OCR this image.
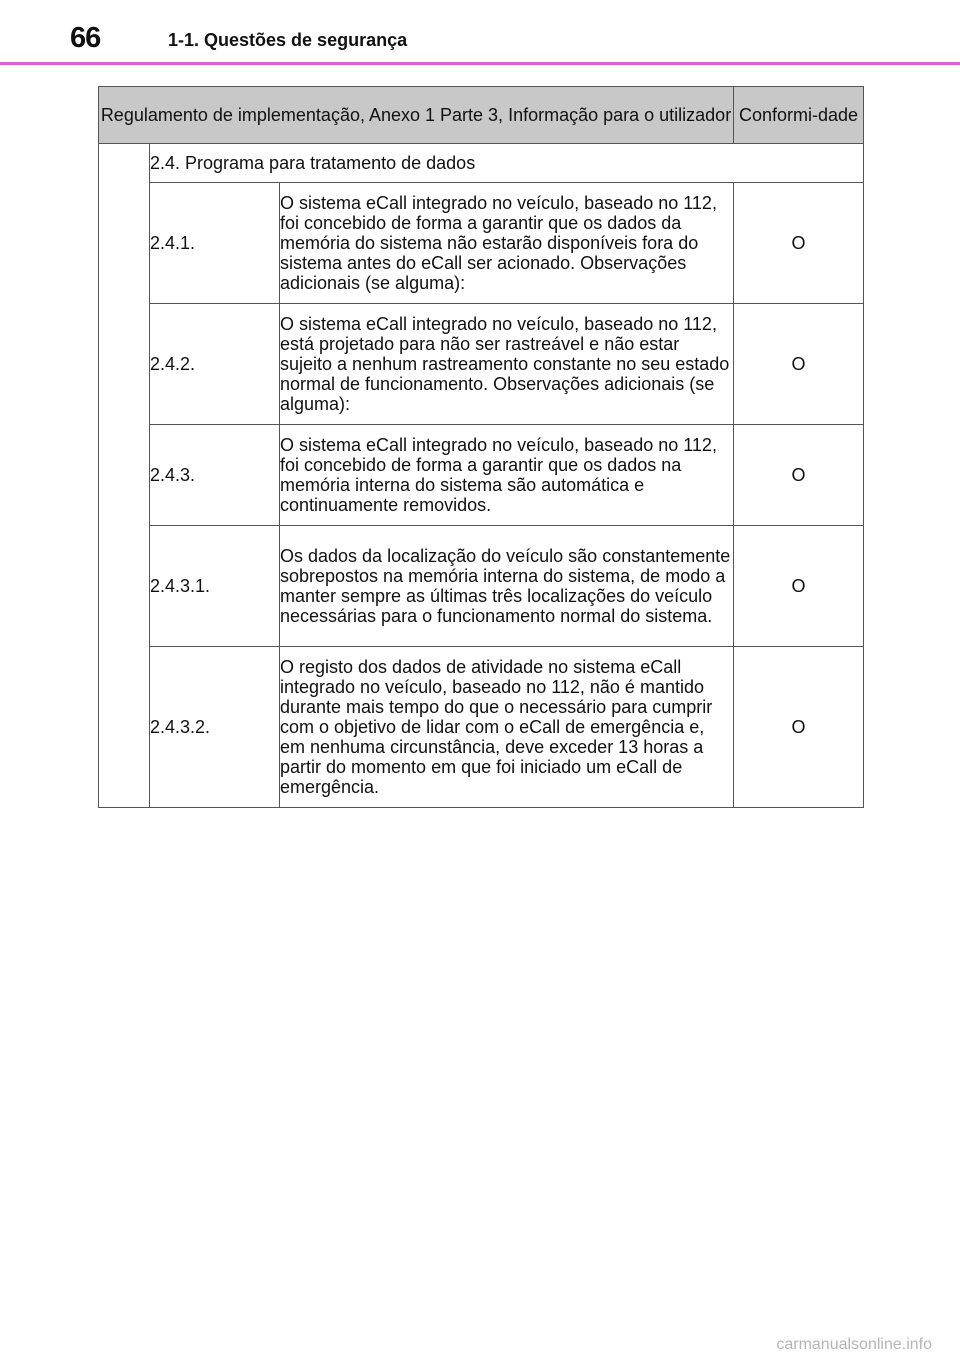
66	1-1. Questões de segurança
Regulamento de implementação, Anexo 1 Parte 3, Informação para o utilizador			Conformi-dade
	2.4. Programa para tratamento de dados		
	2.4.1.	O sistema eCall integrado no veículo, baseado no 112, foi concebido de forma a garantir que os dados da memória do sistema não estarão disponíveis fora do sistema antes do eCall ser acionado. Observações adicionais (se alguma):	O
	2.4.2.	O sistema eCall integrado no veículo, baseado no 112, está projetado para não ser rastreável e não estar sujeito a nenhum rastreamento constante no seu estado normal de funcionamento. Observações adicionais (se alguma):	O
	2.4.3.	O sistema eCall integrado no veículo, baseado no 112, foi concebido de forma a garantir que os dados na memória interna do sistema são automática e continuamente removidos.	O
	2.4.3.1.	Os dados da localização do veículo são constantemente sobrepostos na memória interna do sistema, de modo a manter sempre as últimas três localizações do veículo necessárias para o funcionamento normal do sistema.	O
	2.4.3.2.	O registo dos dados de atividade no sistema eCall integrado no veículo, baseado no 112, não é mantido durante mais tempo do que o necessário para cumprir com o objetivo de lidar com o eCall de emergência e, em nenhuma circunstância, deve exceder 13 horas a partir do momento em que foi iniciado um eCall de emergência.	O
carmanualsonline.info
